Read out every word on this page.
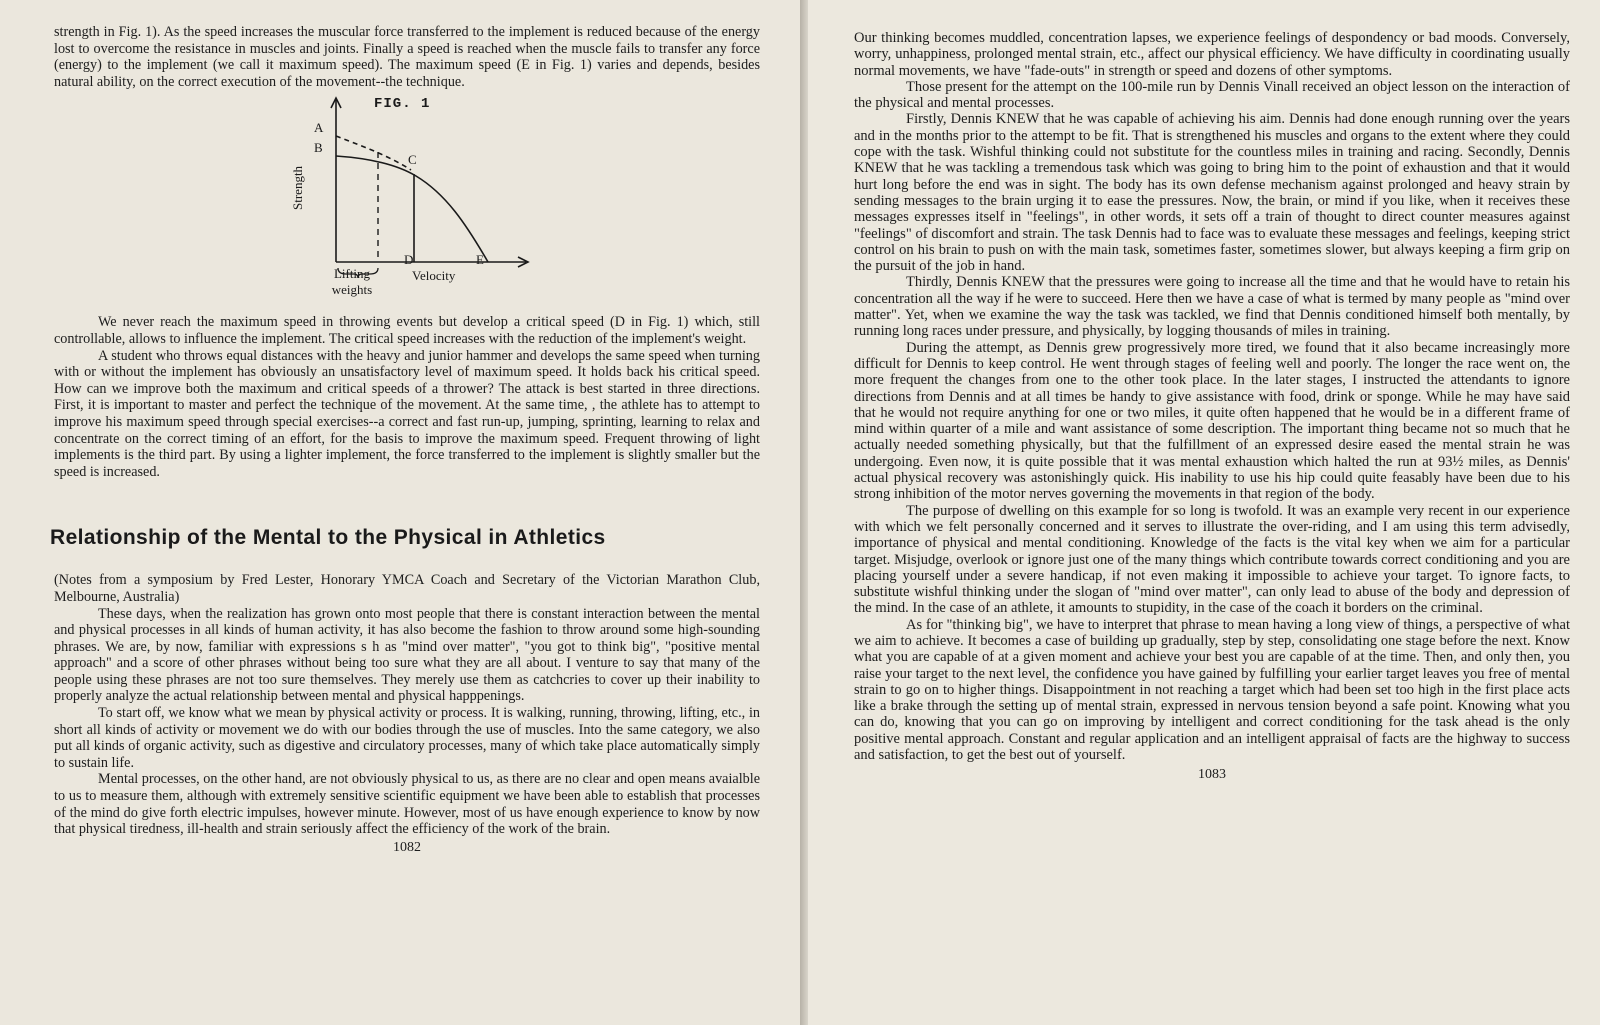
strength in Fig. 1). As the speed increases the muscular force transferred to the implement is reduced because of the energy lost to overcome the resistance in muscles and joints. Finally a speed is reached when the muscle fails to transfer any force (energy) to the implement (we call it maximum speed). The maximum speed (E in Fig. 1) varies and depends, besides natural ability, on the correct execution of the movement--the technique.

FIG. 1
A
B
C
D	E
Strength
Lifting
weights
Velocity

We never reach the maximum speed in throwing events but develop a critical speed (D in Fig. 1) which, still controllable, allows to influence the implement. The critical speed increases with the reduction of the implement's weight.

A student who throws equal distances with the heavy and junior hammer and develops the same speed when turning with or without the implement has obviously an unsatisfactory level of maximum speed. It holds back his critical speed. How can we improve both the maximum and critical speeds of a thrower? The attack is best started in three directions. First, it is important to master and perfect the technique of the movement. At the same time, , the athlete has to attempt to improve his maximum speed through special exercises--a correct and fast run-up, jumping, sprinting, learning to relax and concentrate on the correct timing of an effort, for the basis to improve the maximum speed. Frequent throwing of light implements is the third part. By using a lighter implement, the force transferred to the implement is slightly smaller but the speed is increased.

Relationship of the Mental to the Physical in Athletics

(Notes from a symposium by Fred Lester, Honorary YMCA Coach and Secretary of the Victorian Marathon Club, Melbourne, Australia)

These days, when the realization has grown onto most people that there is constant interaction between the mental and physical processes in all kinds of human activity, it has also become the fashion to throw around some high-sounding phrases. We are, by now, familiar with expressions s h as "mind over matter", "you got to think big", "positive mental approach" and a score of other phrases without being too sure what they are all about. I venture to say that many of the people using these phrases are not too sure themselves. They merely use them as catchcries to cover up their inability to properly analyze the actual relationship between mental and physical happpenings.

To start off, we know what we mean by physical activity or process. It is walking, running, throwing, lifting, etc., in short all kinds of activity or movement we do with our bodies through the use of muscles. Into the same category, we also put all kinds of organic activity, such as digestive and circulatory processes, many of which take place automatically simply to sustain life.

Mental processes, on the other hand, are not obviously physical to us, as there are no clear and open means avaialble to us to measure them, although with extremely sensitive scientific equipment we have been able to establish that processes of the mind do give forth electric impulses, however minute. However, most of us have enough experience to know by now that physical tiredness, ill-health and strain seriously affect the efficiency of the work of the brain.

1082

Our thinking becomes muddled, concentration lapses, we experience feelings of despondency or bad moods. Conversely, worry, unhappiness, prolonged mental strain, etc., affect our physical efficiency. We have difficulty in coordinating usually normal movements, we have "fade-outs" in strength or speed and dozens of other symptoms.

Those present for the attempt on the 100-mile run by Dennis Vinall received an object lesson on the interaction of the physical and mental processes.

Firstly, Dennis KNEW that he was capable of achieving his aim. Dennis had done enough running over the years and in the months prior to the attempt to be fit. That is strengthened his muscles and organs to the extent where they could cope with the task. Wishful thinking could not substitute for the countless miles in training and racing. Secondly, Dennis KNEW that he was tackling a tremendous task which was going to bring him to the point of exhaustion and that it would hurt long before the end was in sight. The body has its own defense mechanism against prolonged and heavy strain by sending messages to the brain urging it to ease the pressures. Now, the brain, or mind if you like, when it receives these messages expresses itself in "feelings", in other words, it sets off a train of thought to direct counter measures against "feelings" of discomfort and strain. The task Dennis had to face was to evaluate these messages and feelings, keeping strict control on his brain to push on with the main task, sometimes faster, sometimes slower, but always keeping a firm grip on the pursuit of the job in hand.

Thirdly, Dennis KNEW that the pressures were going to increase all the time and that he would have to retain his concentration all the way if he were to succeed. Here then we have a case of what is termed by many people as "mind over matter". Yet, when we examine the way the task was tackled, we find that Dennis conditioned himself both mentally, by running long races under pressure, and physically, by logging thousands of miles in training.

During the attempt, as Dennis grew progressively more tired, we found that it also became increasingly more difficult for Dennis to keep control. He went through stages of feeling well and poorly. The longer the race went on, the more frequent the changes from one to the other took place. In the later stages, I instructed the attendants to ignore directions from Dennis and at all times be handy to give assistance with food, drink or sponge. While he may have said that he would not require anything for one or two miles, it quite often happened that he would be in a different frame of mind within quarter of a mile and want assistance of some description. The important thing became not so much that he actually needed something physically, but that the fulfillment of an expressed desire eased the mental strain he was undergoing. Even now, it is quite possible that it was mental exhaustion which halted the run at 93½ miles, as Dennis' actual physical recovery was astonishingly quick. His inability to use his hip could quite feasably have been due to his strong inhibition of the motor nerves governing the movements in that region of the body.

The purpose of dwelling on this example for so long is twofold. It was an example very recent in our experience with which we felt personally concerned and it serves to illustrate the over-riding, and I am using this term advisedly, importance of physical and mental conditioning. Knowledge of the facts is the vital key when we aim for a particular target. Misjudge, overlook or ignore just one of the many things which contribute towards correct conditioning and you are placing yourself under a severe handicap, if not even making it impossible to achieve your target. To ignore facts, to substitute wishful thinking under the slogan of "mind over matter", can only lead to abuse of the body and depression of the mind. In the case of an athlete, it amounts to stupidity, in the case of the coach it borders on the criminal.

As for "thinking big", we have to interpret that phrase to mean having a long view of things, a perspective of what we aim to achieve. It becomes a case of building up gradually, step by step, consolidating one stage before the next. Know what you are capable of at a given moment and achieve your best you are capable of at the time. Then, and only then, you raise your target to the next level, the confidence you have gained by fulfilling your earlier target leaves you free of mental strain to go on to higher things. Disappointment in not reaching a target which had been set too high in the first place acts like a brake through the setting up of mental strain, expressed in nervous tension beyond a safe point. Knowing what you can do, knowing that you can go on improving by intelligent and correct conditioning for the task ahead is the only positive mental approach. Constant and regular application and an intelligent appraisal of facts are the highway to success and satisfaction, to get the best out of yourself.

1083
